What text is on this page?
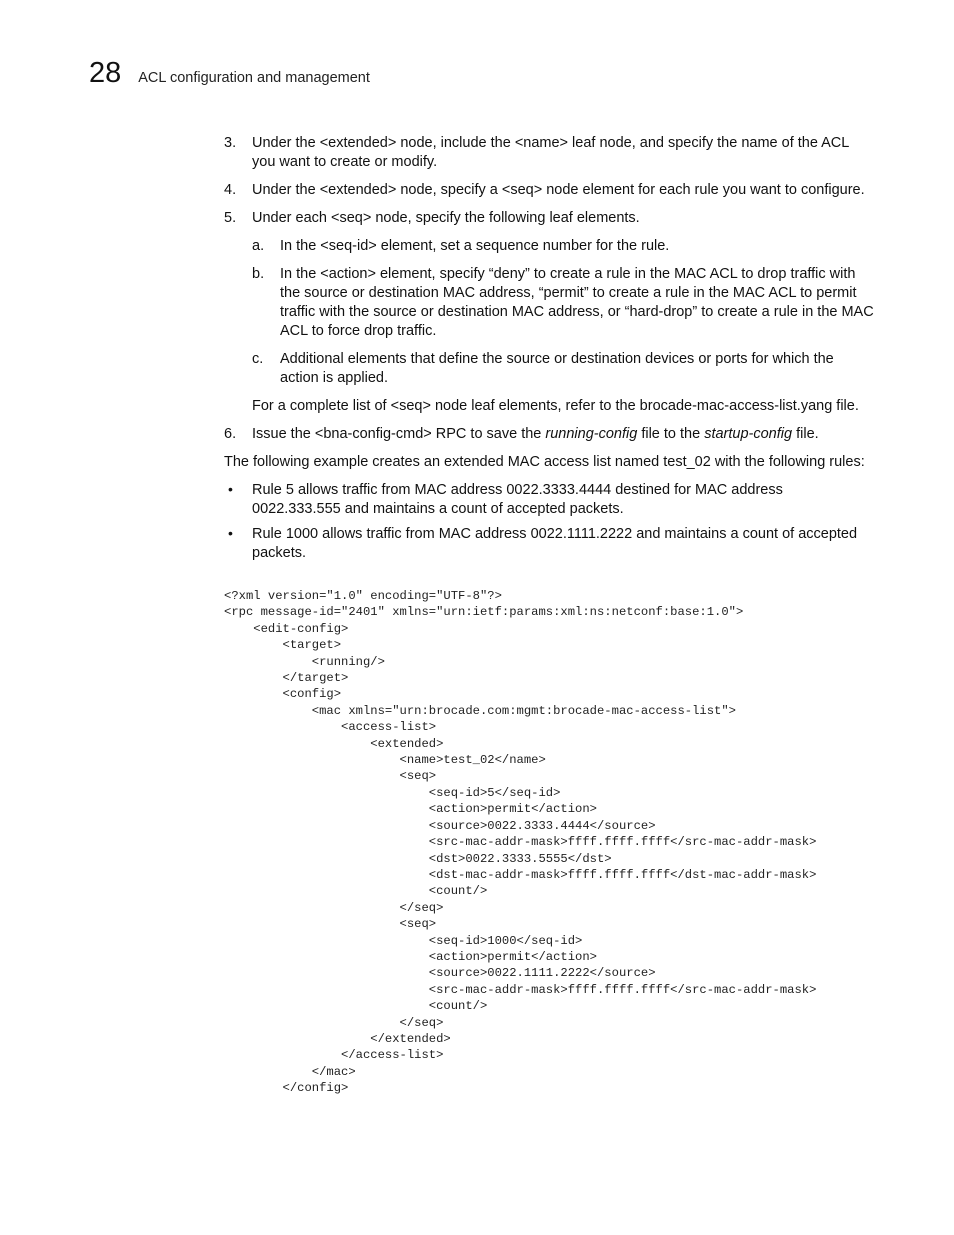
28 ACL configuration and management
3. Under the <extended> node, include the <name> leaf node, and specify the name of the ACL you want to create or modify.
4. Under the <extended> node, specify a <seq> node element for each rule you want to configure.
5. Under each <seq> node, specify the following leaf elements.
a. In the <seq-id> element, set a sequence number for the rule.
b. In the <action> element, specify “deny” to create a rule in the MAC ACL to drop traffic with the source or destination MAC address, “permit” to create a rule in the MAC ACL to permit traffic with the source or destination MAC address, or “hard-drop” to create a rule in the MAC ACL to force drop traffic.
c. Additional elements that define the source or destination devices or ports for which the action is applied.
For a complete list of <seq> node leaf elements, refer to the brocade-mac-access-list.yang file.
6. Issue the <bna-config-cmd> RPC to save the running-config file to the startup-config file.
The following example creates an extended MAC access list named test_02 with the following rules:
• Rule 5 allows traffic from MAC address 0022.3333.4444 destined for MAC address 0022.333.555 and maintains a count of accepted packets.
• Rule 1000 allows traffic from MAC address 0022.1111.2222 and maintains a count of accepted packets.
<?xml version="1.0" encoding="UTF-8"?>
<rpc message-id="2401" xmlns="urn:ietf:params:xml:ns:netconf:base:1.0">
<edit-config>
<target>
<running/>
</target>
<config>
<mac xmlns="urn:brocade.com:mgmt:brocade-mac-access-list">
<access-list>
<extended>
<name>test_02</name>
<seq>
<seq-id>5</seq-id>
<action>permit</action>
<source>0022.3333.4444</source>
<src-mac-addr-mask>ffff.ffff.ffff</src-mac-addr-mask>
<dst>0022.3333.5555</dst>
<dst-mac-addr-mask>ffff.ffff.ffff</dst-mac-addr-mask>
<count/>
</seq>
<seq>
<seq-id>1000</seq-id>
<action>permit</action>
<source>0022.1111.2222</source>
<src-mac-addr-mask>ffff.ffff.ffff</src-mac-addr-mask>
<count/>
</seq>
</extended>
</access-list>
</mac>
</config>
